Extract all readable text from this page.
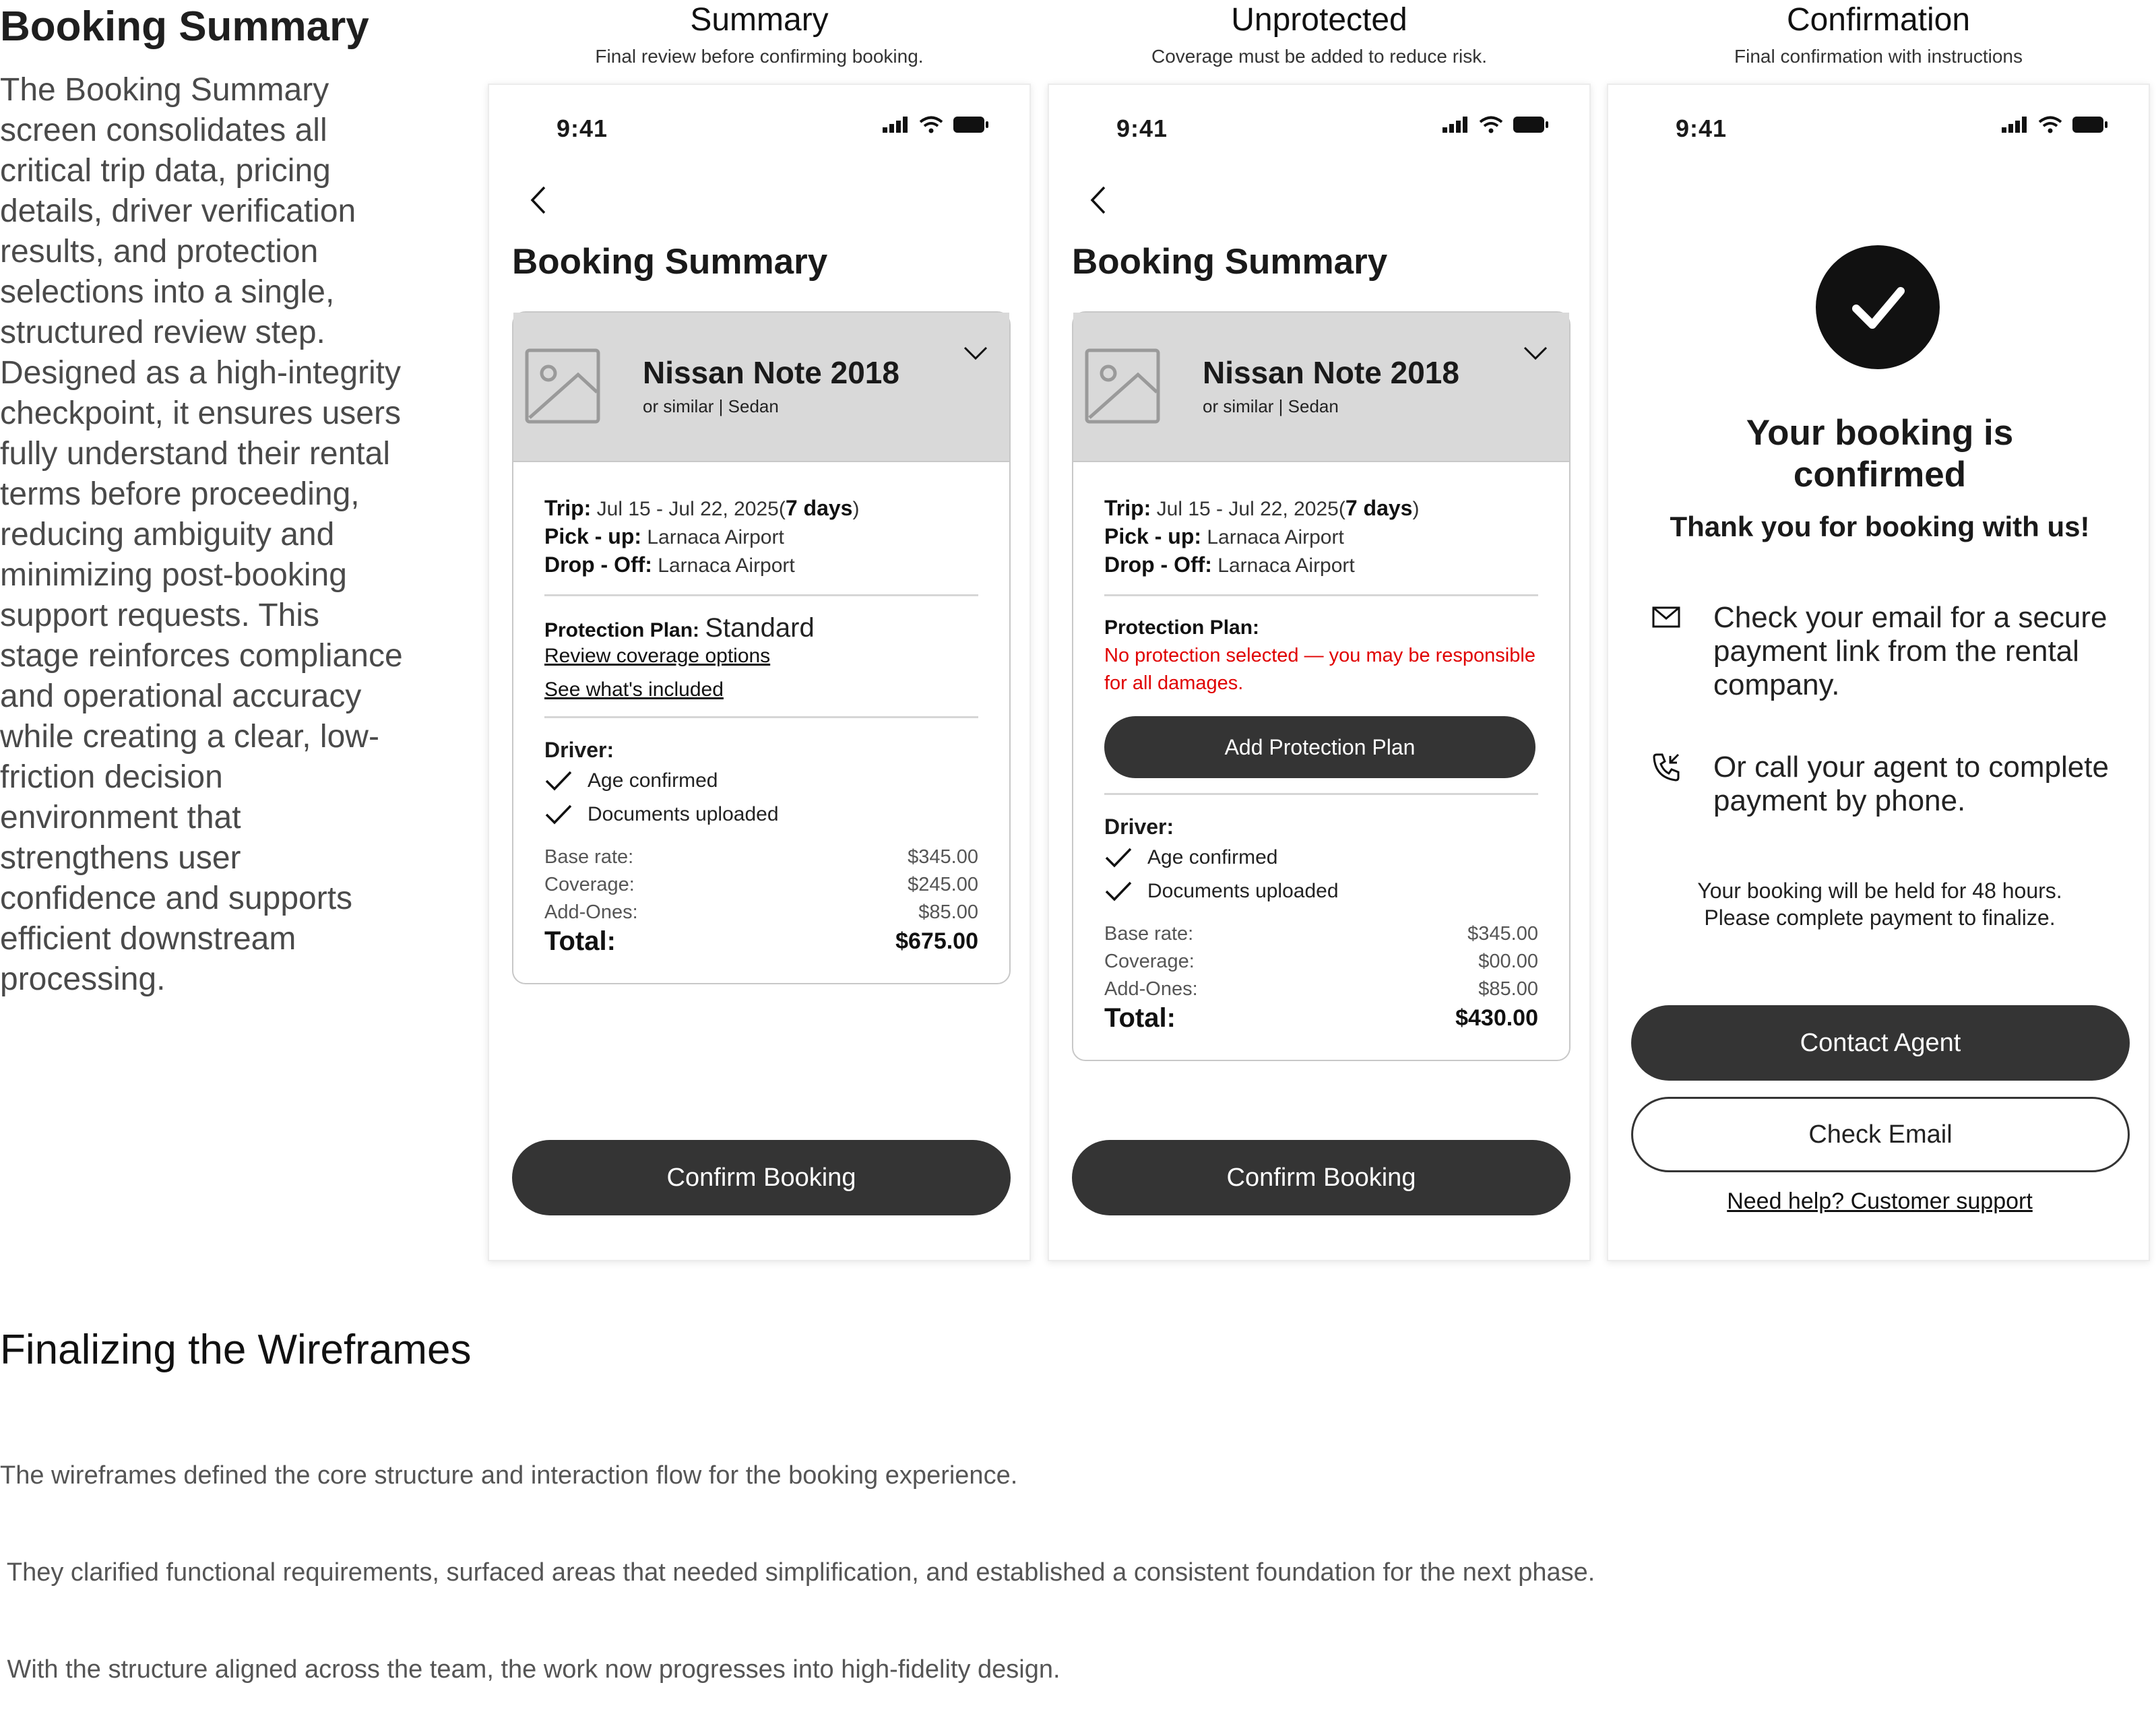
Booking Summary
The Booking Summary screen consolidates all critical trip data, pricing details, driver verification results, and protection selections into a single, structured review step. Designed as a high-integrity checkpoint, it ensures users fully understand their rental terms before proceeding, reducing ambiguity and minimizing post-booking support requests. This stage reinforces compliance and operational accuracy while creating a clear, low-friction decision environment that strengthens user confidence and supports efficient downstream processing.
Summary
Final review before confirming booking.
Unprotected
Coverage must be added to reduce risk.
Confirmation
Final confirmation with instructions
9:41
Booking Summary
Nissan Note 2018
or similar | Sedan
Trip: Jul 15 - Jul 22, 2025(7 days)
Pick - up: Larnaca Airport
Drop - Off: Larnaca Airport
Protection Plan: Standard
Review coverage options
See what's included
Driver:
Age confirmed
Documents uploaded
Base rate:	$345.00
Coverage:	$245.00
Add-Ones:	$85.00
Total:	$675.00
Confirm Booking
9:41
Booking Summary
Nissan Note 2018
or similar | Sedan
Trip: Jul 15 - Jul 22, 2025(7 days)
Pick - up: Larnaca Airport
Drop - Off: Larnaca Airport
Protection Plan:
No protection selected — you may be responsible for all damages.
Add Protection Plan
Driver:
Age confirmed
Documents uploaded
Base rate:	$345.00
Coverage:	$00.00
Add-Ones:	$85.00
Total:	$430.00
Confirm Booking
9:41
Your booking is confirmed
Thank you for booking with us!
Check your email for a secure payment link from the rental company.
Or call your agent to complete payment by phone.
Your booking will be held for 48 hours.
Please complete payment to finalize.
Contact Agent
Check Email
Need help? Customer support
Finalizing the Wireframes

The wireframes defined the core structure and interaction flow for the booking experience.

They clarified functional requirements, surfaced areas that needed simplification, and established a consistent foundation for the next phase.

With the structure aligned across the team, the work now progresses into high-fidelity design.
